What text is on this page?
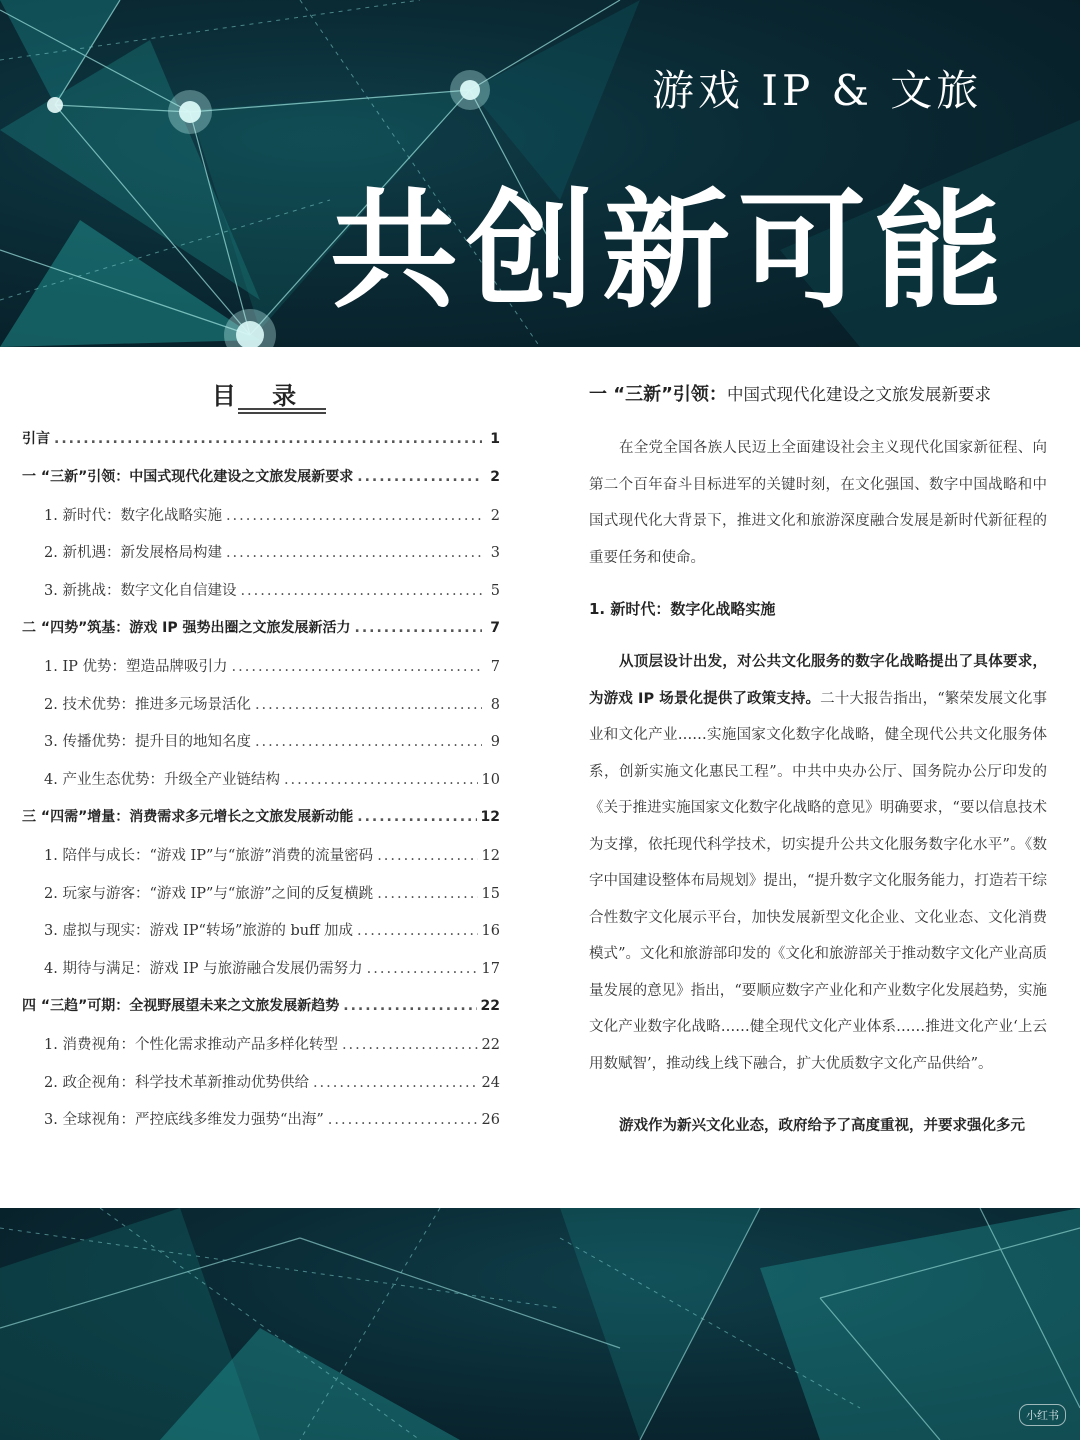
游戏 IP & 文旅
共创新可能
目 录
引言 .....	1
一 “三新”引领：中国式现代化建设之文旅发展新要求 .....	2
1. 新时代：数字化战略实施 .....	2
2. 新机遇：新发展格局构建 .....	3
3. 新挑战：数字文化自信建设 .....	5
二 “四势”筑基：游戏 IP 强势出圈之文旅发展新活力 .....	7
1. IP 优势：塑造品牌吸引力 .....	7
2. 技术优势：推进多元场景活化 .....	8
3. 传播优势：提升目的地知名度 .....	9
4. 产业生态优势：升级全产业链结构 .....	10
三 “四需”增量：消费需求多元增长之文旅发展新动能 .....	12
1. 陪伴与成长：“游戏 IP”与“旅游”消费的流量密码 .....	12
2. 玩家与游客：“游戏 IP”与“旅游”之间的反复横跳 .....	15
3. 虚拟与现实：游戏 IP“转场”旅游的 buff 加成 .....	16
4. 期待与满足：游戏 IP 与旅游融合发展仍需努力 .....	17
四 “三趋”可期：全视野展望未来之文旅发展新趋势 .....	22
1. 消费视角：个性化需求推动产品多样化转型 .....	22
2. 政企视角：科学技术革新推动优势供给 .....	24
3. 全球视角：严控底线多维发力强势“出海” .....	26
一 “三新”引领：中国式现代化建设之文旅发展新要求

在全党全国各族人民迈上全面建设社会主义现代化国家新征程、向第二个百年奋斗目标进军的关键时刻，在文化强国、数字中国战略和中国式现代化大背景下，推进文化和旅游深度融合发展是新时代新征程的重要任务和使命。

1. 新时代：数字化战略实施

从顶层设计出发，对公共文化服务的数字化战略提出了具体要求，为游戏 IP 场景化提供了政策支持。二十大报告指出，“繁荣发展文化事业和文化产业……实施国家文化数字化战略，健全现代公共文化服务体系，创新实施文化惠民工程”。中共中央办公厅、国务院办公厅印发的《关于推进实施国家文化数字化战略的意见》明确要求，“要以信息技术为支撑，依托现代科学技术，切实提升公共文化服务数字化水平”。《数字中国建设整体布局规划》提出，“提升数字文化服务能力，打造若干综合性数字文化展示平台，加快发展新型文化企业、文化业态、文化消费模式”。文化和旅游部印发的《文化和旅游部关于推动数字文化产业高质量发展的意见》指出，“要顺应数字产业化和产业数字化发展趋势，实施文化产业数字化战略……健全现代文化产业体系……推进文化产业‘上云用数赋智’，推动线上线下融合，扩大优质数字文化产品供给”。

游戏作为新兴文化业态，政府给予了高度重视，并要求强化多元

小红书
